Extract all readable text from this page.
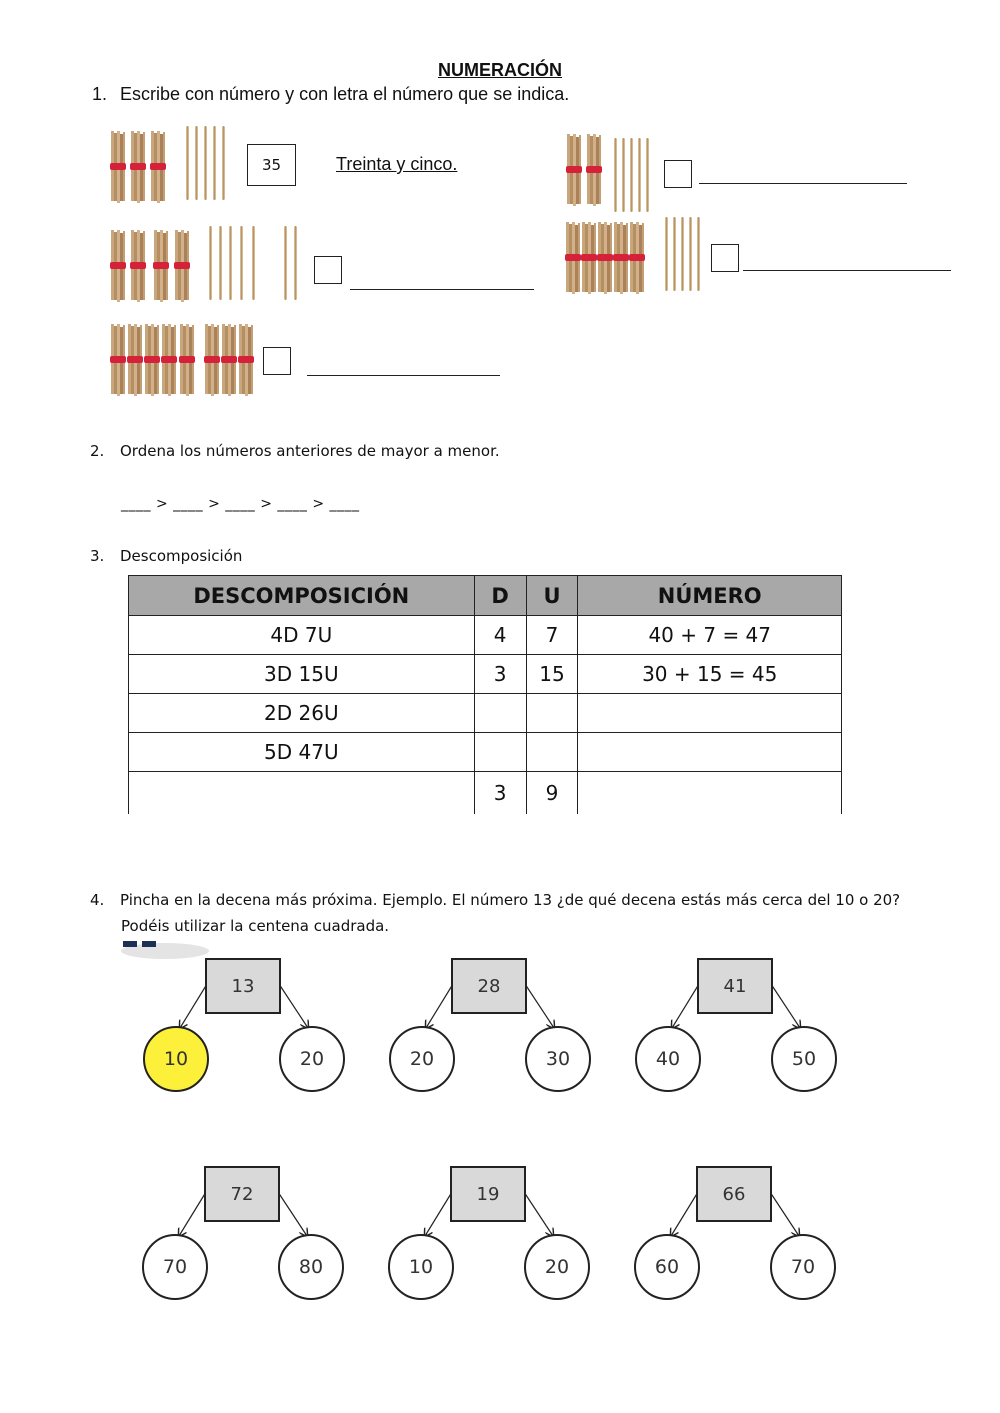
NUMERACIÓN
1. Escribe con número y con letra el número que se indica.
35	Treinta y cinco.
2. Ordena los números anteriores de mayor a menor.
____ > ____ > ____ > ____ > ____
3. Descomposición
DESCOMPOSICIÓN	D	U	NÚMERO
4D 7U	4	7	40 + 7 = 47
3D 15U	3	15	30 + 15 = 45
2D 26U			
5D 47U			
	3	9	
4. Pincha en la decena más próxima. Ejemplo. El número 13 ¿de qué decena estás más cerca del 10 o 20?
Podéis utilizar la centena cuadrada.
13
10	20
28
20	30
41
40	50
72
70	80
19
10	20
66
60	70
